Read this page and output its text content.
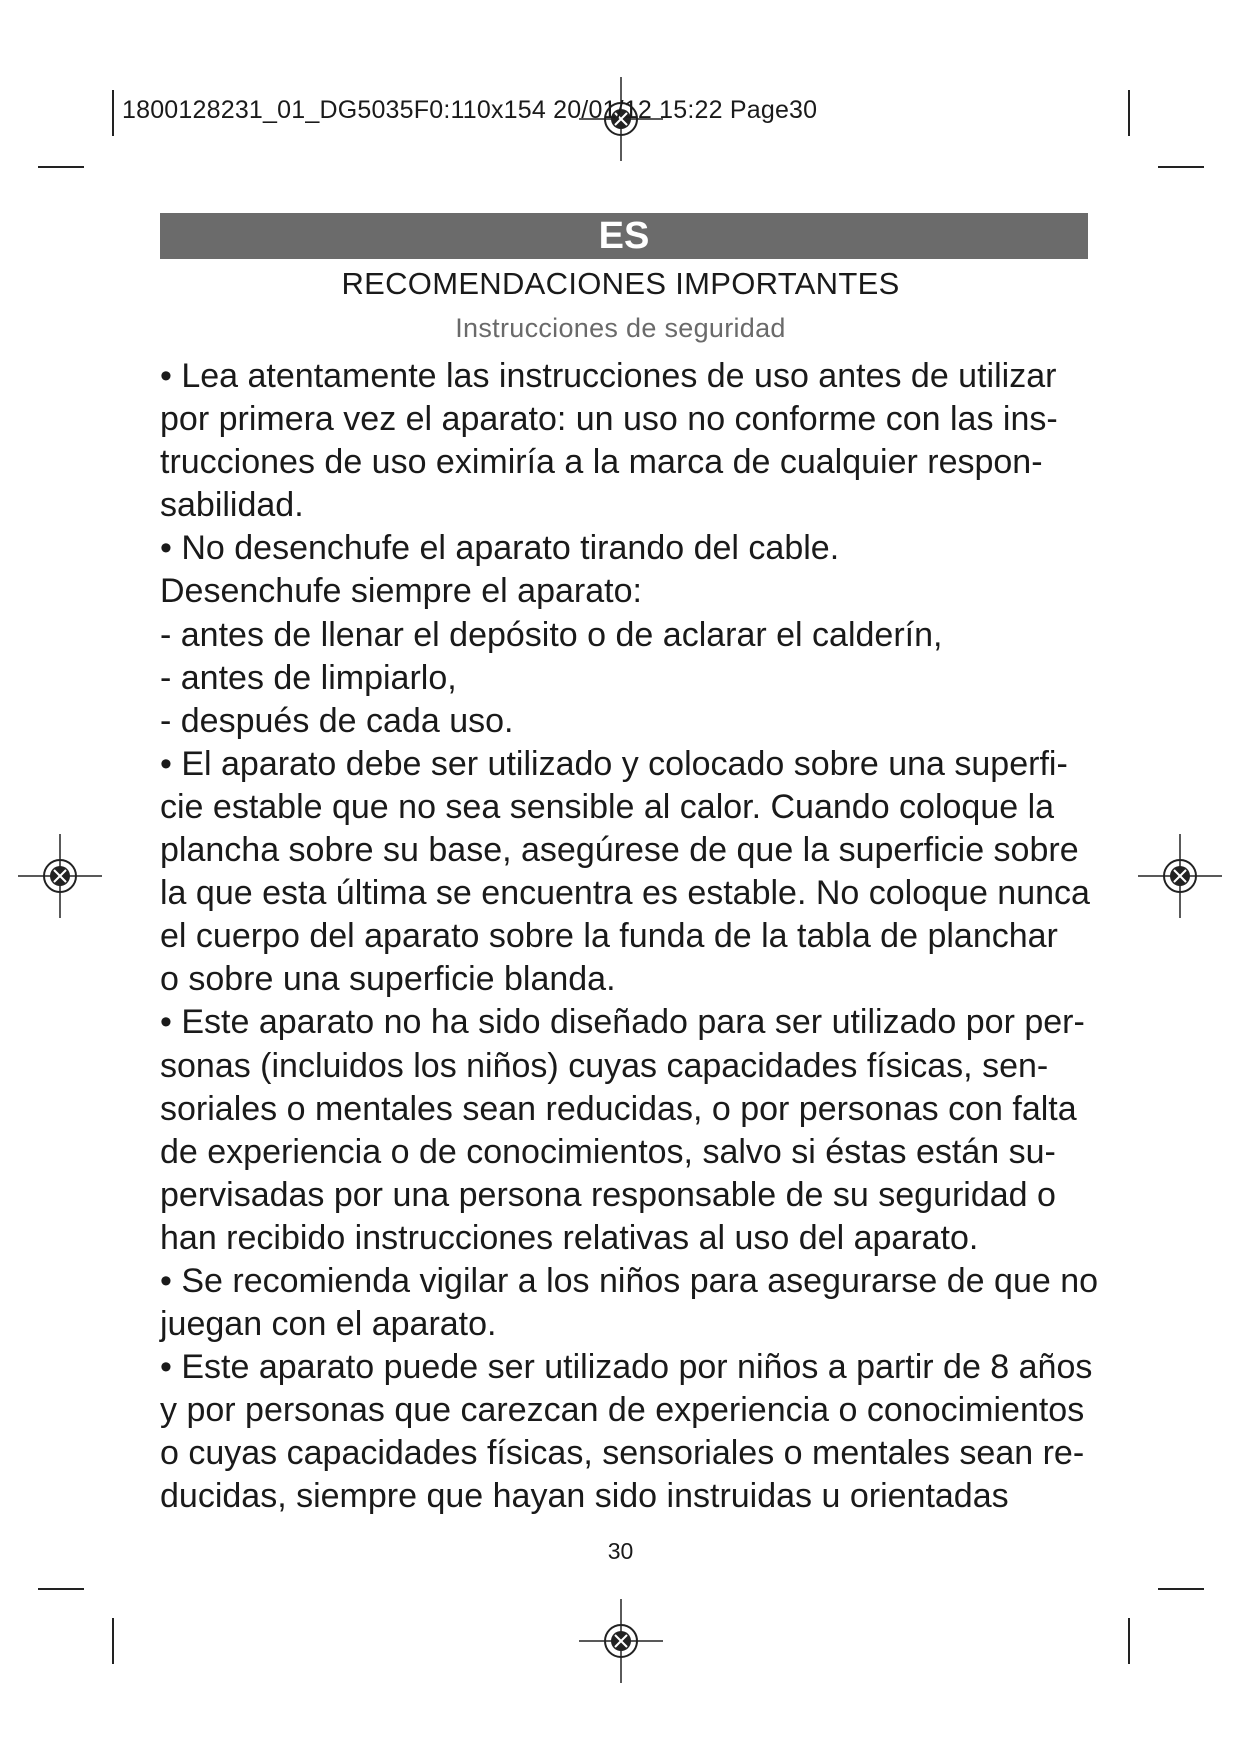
1800128231_01_DG5035F0:110x154 20/01/12 15:22 Page30
ES
RECOMENDACIONES IMPORTANTES
Instrucciones de seguridad
• Lea atentamente las instrucciones de uso antes de utilizar
por primera vez el aparato: un uso no conforme con las ins-
trucciones de uso eximiría a la marca de cualquier respon-
sabilidad.
• No desenchufe el aparato tirando del cable.
Desenchufe siempre el aparato:
- antes de llenar el depósito o de aclarar el calderín,
- antes de limpiarlo,
- después de cada uso.
• El aparato debe ser utilizado y colocado sobre una superfi-
cie estable que no sea sensible al calor. Cuando coloque la
plancha sobre su base, asegúrese de que la superficie sobre
la que esta última se encuentra es estable. No coloque nunca
el cuerpo del aparato sobre la funda de la tabla de planchar
o sobre una superficie blanda.
• Este aparato no ha sido diseñado para ser utilizado por per-
sonas (incluidos los niños) cuyas capacidades físicas, sen-
soriales o mentales sean reducidas, o por personas con falta
de experiencia o de conocimientos, salvo si éstas están su-
pervisadas por una persona responsable de su seguridad o
han recibido instrucciones relativas al uso del aparato.
• Se recomienda vigilar a los niños para asegurarse de que no
juegan con el aparato.
• Este aparato puede ser utilizado por niños a partir de 8 años
y por personas que carezcan de experiencia o conocimientos
o cuyas capacidades físicas, sensoriales o mentales sean re-
ducidas, siempre que hayan sido instruidas u orientadas
30
